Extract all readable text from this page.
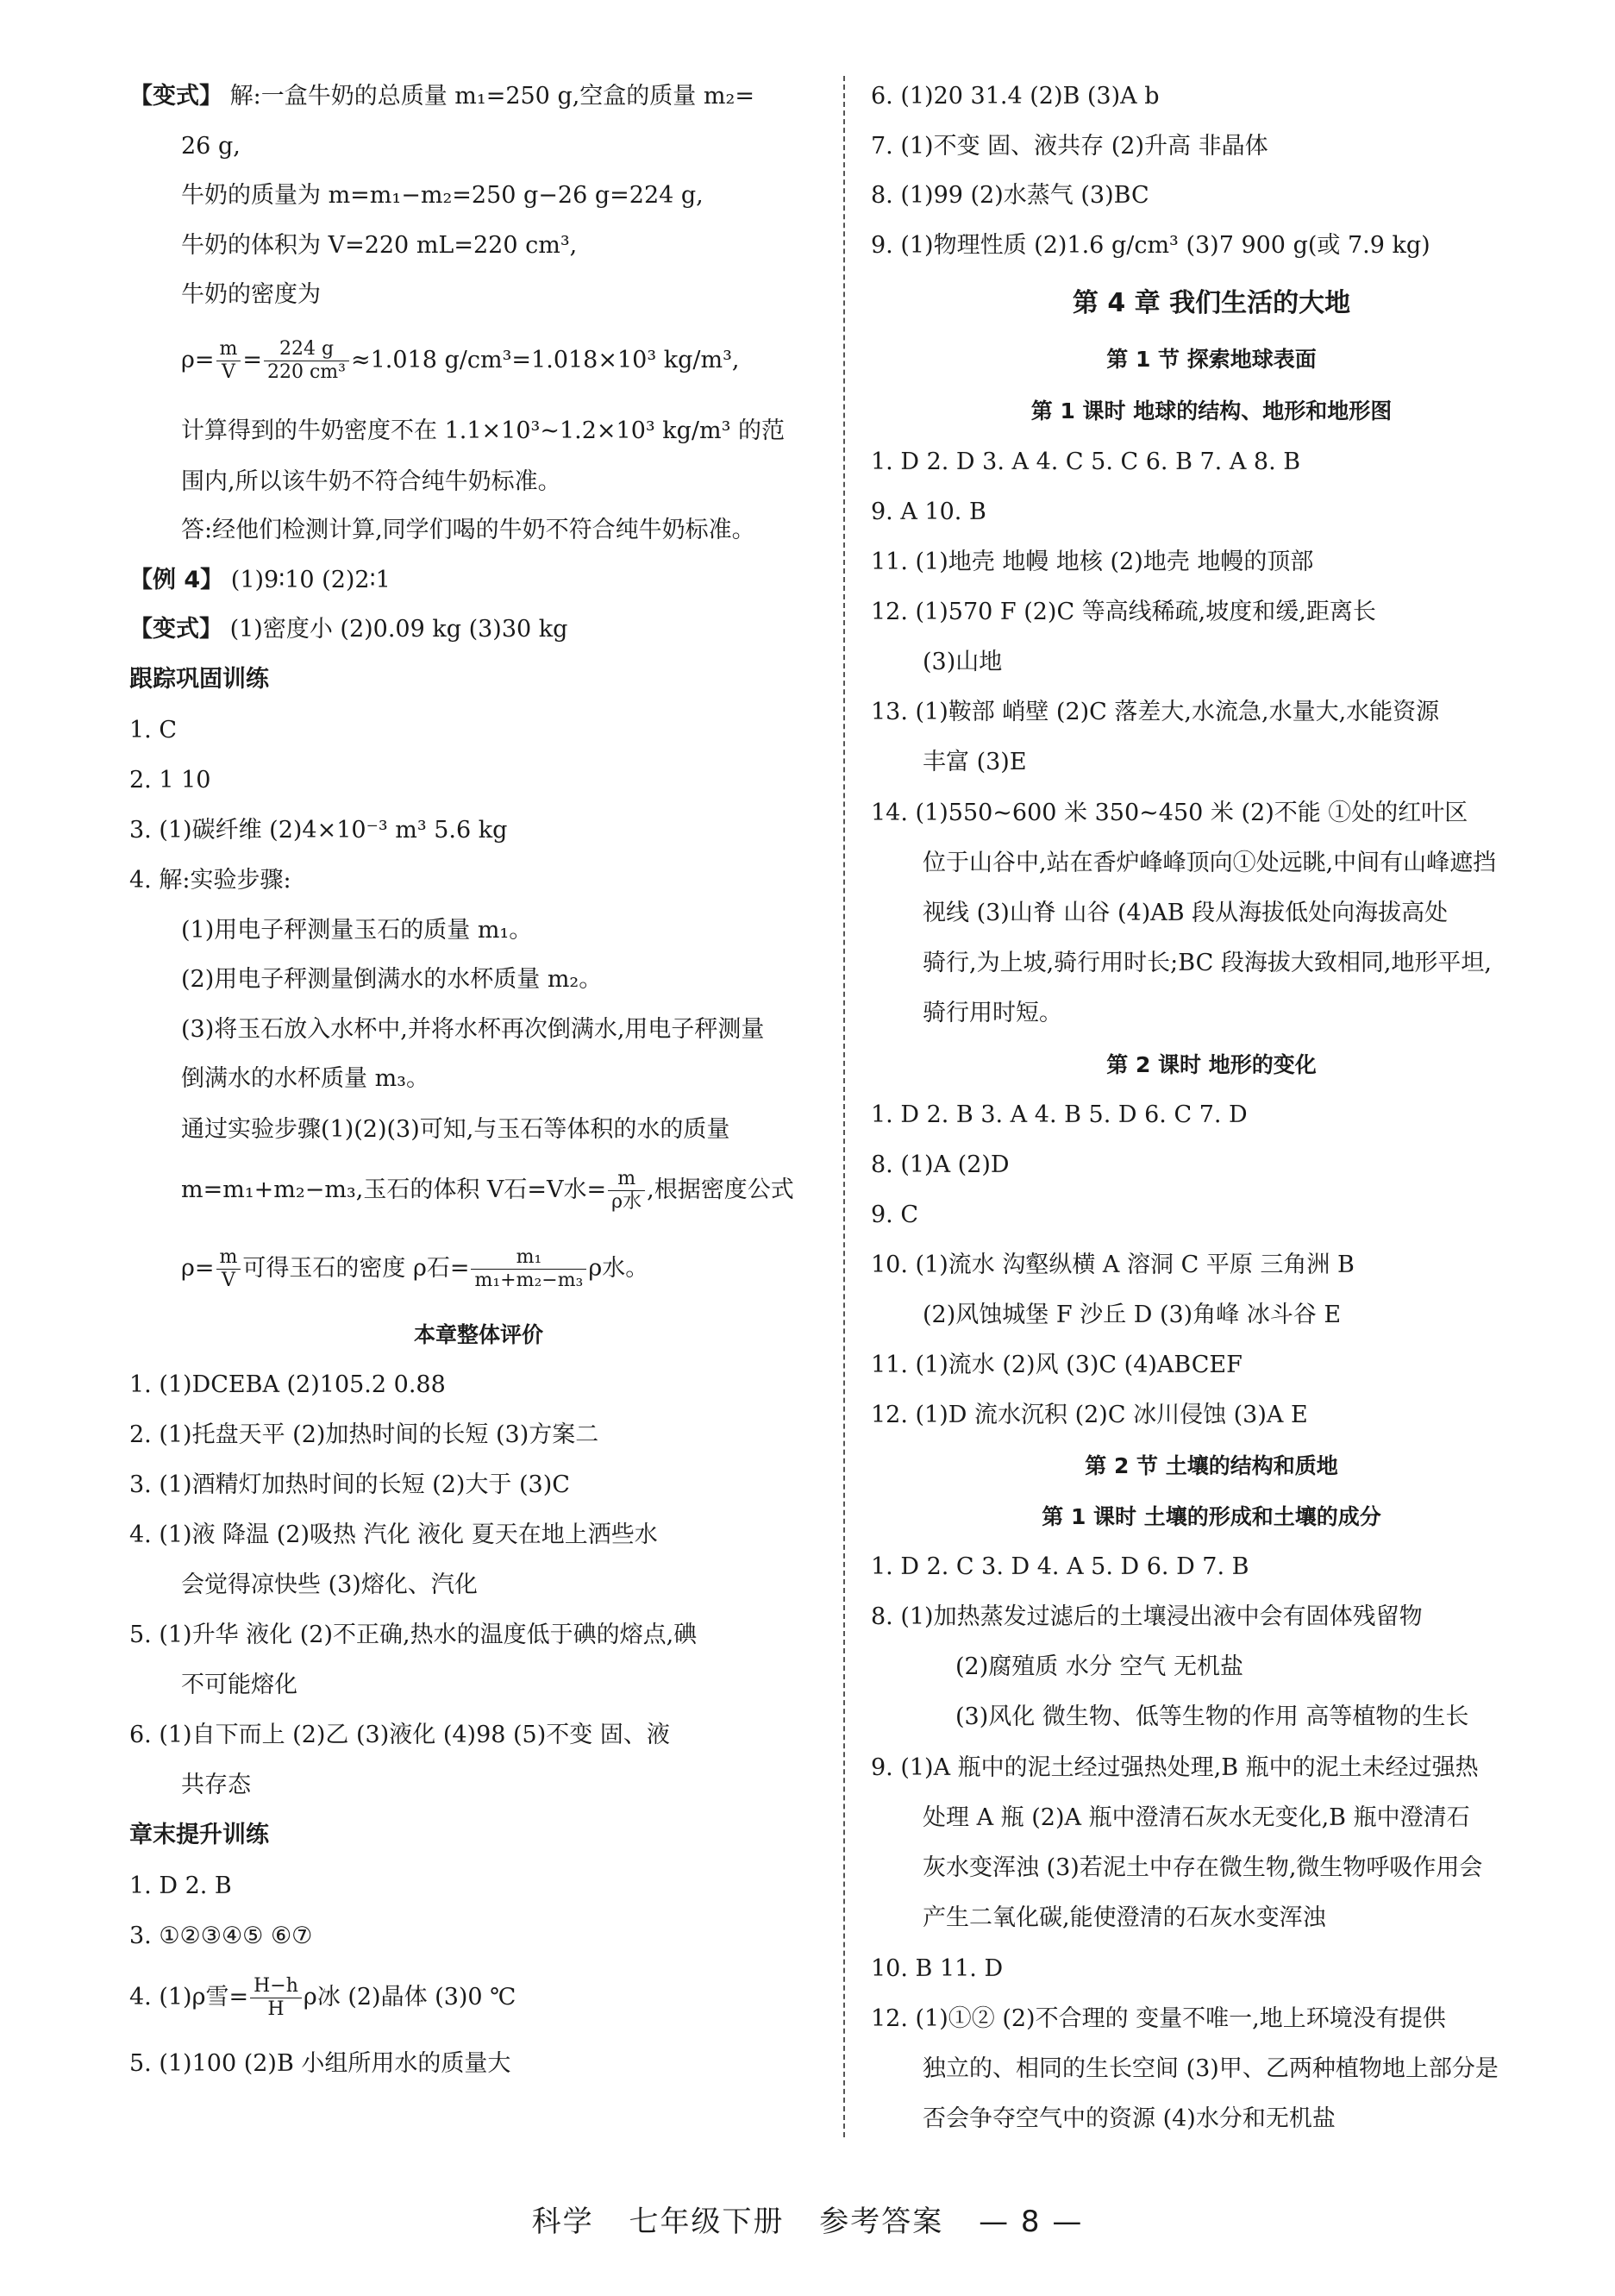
【变式】 解:一盒牛奶的总质量 m₁=250 g,空盒的质量 m₂=
26 g,
牛奶的质量为 m=m₁−m₂=250 g−26 g=224 g,
牛奶的体积为 V=220 mL=220 cm³,
牛奶的密度为
$\rho= \frac{m}{V} = \frac{224 g}{\text{220 cm³}} \approx 1.018$ g/cm³=1.018×10³ kg/m³,
计算得到的牛奶密度不在 1.1×10³~1.2×10³ kg/m³ 的范
围内,所以该牛奶不符合纯牛奶标准。
答:经他们检测计算,同学们喝的牛奶不符合纯牛奶标准。
【例 4】 (1)9∶10 (2)2∶1
【变式】 (1)密度小 (2)0.09 kg (3)30 kg
跟踪巩固训练
1. C
2. 1 10
3. (1)碳纤维 (2)4×10⁻³ m³ 5.6 kg
4. 解:实验步骤:
(1)用电子秤测量玉石的质量 m₁。
(2)用电子秤测量倒满水的水杯质量 m₂。
(3)将玉石放入水杯中,并将水杯再次倒满水,用电子秤测量
倒满水的水杯质量 m₃。
通过实验步骤(1)(2)(3)可知,与玉石等体积的水的质量
m=m₁+m₂−m₃,玉石的体积 V石=V水= $\frac{m}{\text{ρ水}}$ ,根据密度公式
$\rho= \frac{m}{V}$ 可得玉石的密度 ρ石= $\frac{\text{m₁}}{\text{m₁+m₂−m₃}}$ ρ水。
本章整体评价
1. (1)DCEBA (2)105.2 0.88
2. (1)托盘天平 (2)加热时间的长短 (3)方案二
3. (1)酒精灯加热时间的长短 (2)大于 (3)C
4. (1)液 降温 (2)吸热 汽化 液化 夏天在地上洒些水
会觉得凉快些 (3)熔化、汽化
5. (1)升华 液化 (2)不正确,热水的温度低于碘的熔点,碘
不可能熔化
6. (1)自下而上 (2)乙 (3)液化 (4)98 (5)不变 固、液
共存态
章末提升训练
1. D 2. B
3. ①②③④⑤ ⑥⑦
4. (1)ρ雪= $\frac{H-h}{H}$ ρ冰 (2)晶体 (3)0 ℃
5. (1)100 (2)B 小组所用水的质量大
6. (1)20 31.4 (2)B (3)A b
7. (1)不变 固、液共存 (2)升高 非晶体
8. (1)99 (2)水蒸气 (3)BC
9. (1)物理性质 (2)1.6 g/cm³ (3)7 900 g(或 7.9 kg)
第 4 章 我们生活的大地
第 1 节 探索地球表面
第 1 课时 地球的结构、地形和地形图
1. D 2. D 3. A 4. C 5. C 6. B 7. A 8. B
9. A 10. B
11. (1)地壳 地幔 地核 (2)地壳 地幔的顶部
12. (1)570 F (2)C 等高线稀疏,坡度和缓,距离长
(3)山地
13. (1)鞍部 峭壁 (2)C 落差大,水流急,水量大,水能资源
丰富 (3)E
14. (1)550~600 米 350~450 米 (2)不能 ①处的红叶区
位于山谷中,站在香炉峰峰顶向①处远眺,中间有山峰遮挡
视线 (3)山脊 山谷 (4)AB 段从海拔低处向海拔高处
骑行,为上坡,骑行用时长;BC 段海拔大致相同,地形平坦,
骑行用时短。
第 2 课时 地形的变化
1. D 2. B 3. A 4. B 5. D 6. C 7. D
8. (1)A (2)D
9. C
10. (1)流水 沟壑纵横 A 溶洞 C 平原 三角洲 B
(2)风蚀城堡 F 沙丘 D (3)角峰 冰斗谷 E
11. (1)流水 (2)风 (3)C (4)ABCEF
12. (1)D 流水沉积 (2)C 冰川侵蚀 (3)A E
第 2 节 土壤的结构和质地
第 1 课时 土壤的形成和土壤的成分
1. D 2. C 3. D 4. A 5. D 6. D 7. B
8. (1)加热蒸发过滤后的土壤浸出液中会有固体残留物
(2)腐殖质 水分 空气 无机盐
(3)风化 微生物、低等生物的作用 高等植物的生长
9. (1)A 瓶中的泥土经过强热处理,B 瓶中的泥土未经过强热
处理 A 瓶 (2)A 瓶中澄清石灰水无变化,B 瓶中澄清石
灰水变浑浊 (3)若泥土中存在微生物,微生物呼吸作用会
产生二氧化碳,能使澄清的石灰水变浑浊
10. B 11. D
12. (1)①② (2)不合理的 变量不唯一,地上环境没有提供
独立的、相同的生长空间 (3)甲、乙两种植物地上部分是
否会争夺空气中的资源 (4)水分和无机盐
科学 七年级下册 参考答案 — 8 —
